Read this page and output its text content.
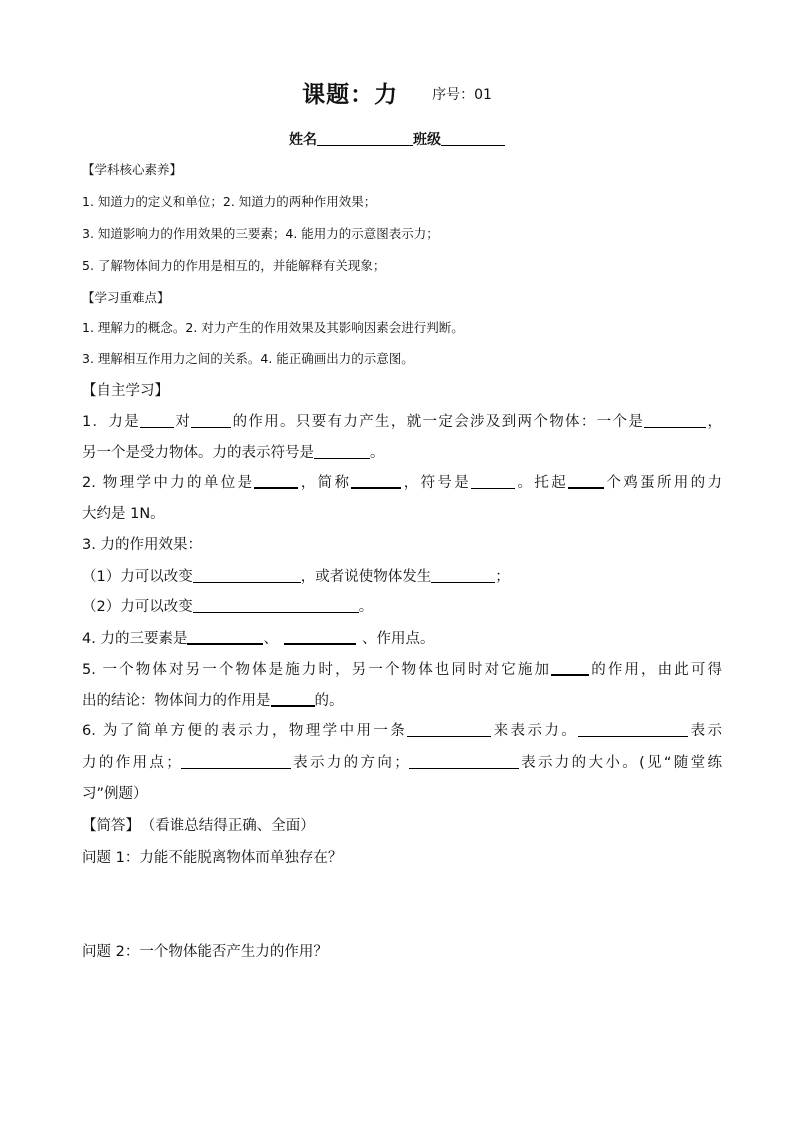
课题：力 序号：01
姓名	班级
【学科核心素养】
1. 知道力的定义和单位；2. 知道力的两种作用效果；
3. 知道影响力的作用效果的三要素；4. 能用力的示意图表示力；
5. 了解物体间力的作用是相互的，并能解释有关现象；
【学习重难点】
1. 理解力的概念。2. 对力产生的作用效果及其影响因素会进行判断。
3. 理解相互作用力之间的关系。4. 能正确画出力的示意图。
【自主学习】
1．力是 对	的作用。只要有力产生，就一定会涉及到两个物体：一个是	，
另一个是受力物体。力的表示符号是	。
2. 物理学中力的单位是	，简称	，符号是	。托起 个鸡蛋所用的力
大约是 1N。
3. 力的作用效果：
（1）力可以改变	，或者说使物体发生	；
（2）力可以改变	。
4. 力的三要素是	、	、作用点。
5. 一个物体对另一个物体是施力时，另一个物体也同时对它施加	的作用，由此可得
出的结论：物体间力的作用是	的。
6. 为了简单方便的表示力，物理学中用一条	来表示力。	表示
力的作用点；	表示力的方向；	表示力的大小。(见“随堂练
习”例题）
【简答】 （看谁总结得正确、全面）
问题 1：力能不能脱离物体而单独存在？
问题 2：一个物体能否产生力的作用？
